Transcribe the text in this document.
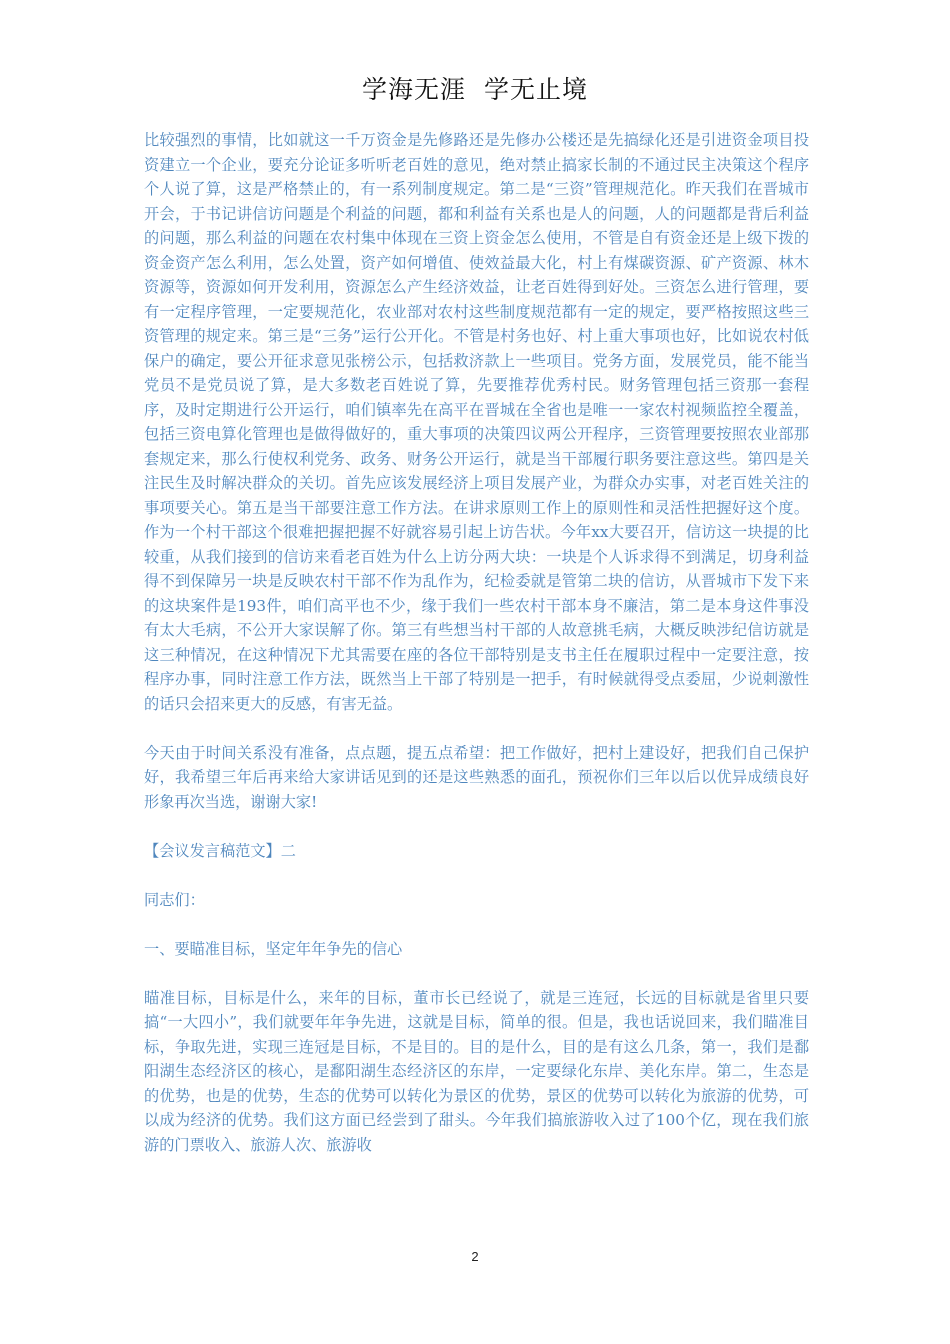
学海无涯  学无止境

比较强烈的事情，比如就这一千万资金是先修路还是先修办公楼还是先搞绿化还是引进资金项目投资建立一个企业，要充分论证多听听老百姓的意见，绝对禁止搞家长制的不通过民主决策这个程序个人说了算，这是严格禁止的，有一系列制度规定。第二是“三资”管理规范化。昨天我们在晋城市开会，于书记讲信访问题是个利益的问题，都和利益有关系也是人的问题，人的问题都是背后利益的问题，那么利益的问题在农村集中体现在三资上资金怎么使用，不管是自有资金还是上级下拨的资金资产怎么利用，怎么处置，资产如何增值、使效益最大化，村上有煤碳资源、矿产资源、林木资源等，资源如何开发利用，资源怎么产生经济效益，让老百姓得到好处。三资怎么进行管理，要有一定程序管理，一定要规范化，农业部对农村这些制度规范都有一定的规定，要严格按照这些三资管理的规定来。第三是“三务”运行公开化。不管是村务也好、村上重大事项也好，比如说农村低保户的确定，要公开征求意见张榜公示，包括救济款上一些项目。党务方面，发展党员，能不能当党员不是党员说了算，是大多数老百姓说了算，先要推荐优秀村民。财务管理包括三资那一套程序，及时定期进行公开运行，咱们镇率先在高平在晋城在全省也是唯一一家农村视频监控全覆盖，包括三资电算化管理也是做得做好的，重大事项的决策四议两公开程序，三资管理要按照农业部那套规定来，那么行使权利党务、政务、财务公开运行，就是当干部履行职务要注意这些。第四是关注民生及时解决群众的关切。首先应该发展经济上项目发展产业，为群众办实事，对老百姓关注的事项要关心。第五是当干部要注意工作方法。在讲求原则工作上的原则性和灵活性把握好这个度。作为一个村干部这个很难把握把握不好就容易引起上访告状。今年xx大要召开，信访这一块提的比较重，从我们接到的信访来看老百姓为什么上访分两大块：一块是个人诉求得不到满足，切身利益得不到保障另一块是反映农村干部不作为乱作为，纪检委就是管第二块的信访，从晋城市下发下来的这块案件是193件，咱们高平也不少，缘于我们一些农村干部本身不廉洁，第二是本身这件事没有太大毛病，不公开大家误解了你。第三有些想当村干部的人故意挑毛病，大概反映涉纪信访就是这三种情况，在这种情况下尤其需要在座的各位干部特别是支书主任在履职过程中一定要注意，按程序办事，同时注意工作方法，既然当上干部了特别是一把手，有时候就得受点委屈，少说刺激性的话只会招来更大的反感，有害无益。

今天由于时间关系没有准备，点点题，提五点希望：把工作做好，把村上建设好，把我们自己保护好，我希望三年后再来给大家讲话见到的还是这些熟悉的面孔，预祝你们三年以后以优异成绩良好形象再次当选，谢谢大家!

【会议发言稿范文】二

同志们：

一、要瞄准目标，坚定年年争先的信心

瞄准目标，目标是什么，来年的目标，董市长已经说了，就是三连冠，长远的目标就是省里只要搞“一大四小”，我们就要年年争先进，这就是目标，简单的很。但是，我也话说回来，我们瞄准目标，争取先进，实现三连冠是目标，不是目的。目的是什么，目的是有这么几条，第一，我们是鄱阳湖生态经济区的核心，是鄱阳湖生态经济区的东岸，一定要绿化东岸、美化东岸。第二，生态是的优势，也是的优势，生态的优势可以转化为景区的优势，景区的优势可以转化为旅游的优势，可以成为经济的优势。我们这方面已经尝到了甜头。今年我们搞旅游收入过了100个亿，现在我们旅游的门票收入、旅游人次、旅游收

2
